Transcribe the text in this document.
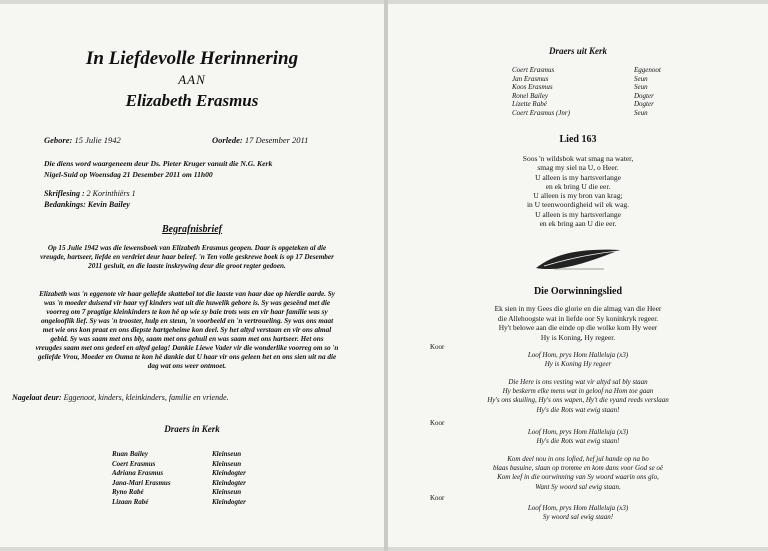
In Liefdevolle Herinnering
AAN
Elizabeth Erasmus
Gebore: 15 Julie 1942	Oorlede: 17 Desember 2011
Die diens word waargeneem deur Ds. Pieter Kruger vanuit die N.G. Kerk
Nigel-Suid op Woensdag 21 Desember 2011 om 11h00
Skriflesing : 2 Korinthiërs 1
Bedankings: Kevin Bailey
Begrafnisbrief
Op 15 Julie 1942 was die lewensboek van Elizabeth Erasmus geopen. Daar is opgeteken al die
vreugde, hartseer, liefde en verdriet deur haar beleef. 'n Ten volle geskrewe boek is op 17 Desember
2011 gesluit, en die laaste inskrywing deur die groot regter gedoen.
Elizabeth was 'n eggenote vir haar geliefde skattebol tot die laaste van haar dae op hierdie aarde. Sy
was 'n moeder duisend vir haar vyf kinders wat uit die huwelik gebore is. Sy was geseënd met die
voorreg om 7 pragtige kleinkinders te kon hê op wie sy baie trots was en vir haar familie was sy
ongelooflik lief. Sy was 'n trooster, hulp en steun, 'n voorbeeld en 'n vertroueling. Sy was ons maat
met wie ons kon praat en ons diepste hartgeheime kon deel. Sy het altyd verstaan en vir ons almal
gebid. Sy was saam met ons bly, saam met ons gehuil en was saam met ons hartseer. Het ons
vreugdes saam met ons gedeel en altyd gelag! Dankie Liewe Vader vir die wonderlike voorreg om so 'n
geliefde Vrou, Moeder en Ouma te kon hê dankie dat U haar vir ons geleen het en ons sien uit na die
dag wat ons weer ontmoet.
Nagelaat deur: Eggenoot, kinders, kleinkinders, familie en vriende.
Draers in Kerk
Ruan Bailey	Kleinseun
Coert Erasmus	Kleinseun
Adriana Erasmus	Kleindogter
Jana-Mari Erasmus	Kleindogter
Ryno Rabé	Kleinseun
Lizaan Rabé	Kleindogter
Draers uit Kerk
Coert Erasmus	Eggenoot
Jan Erasmus	Seun
Koos Erasmus	Seun
Ronel Bailey	Dogter
Lizette Rabé	Dogter
Coert Erasmus (Jnr)	Seun
Lied 163
Soos 'n wildsbok wat smag na water,
smag my siel na U, o Heer.
U alleen is my hartsverlange
en ek bring U die eer.
U alleen is my bron van krag;
in U teenwoordigheid wil ek wag.
U alleen is my hartsverlange
en ek bring aan U die eer.
Die Oorwinningslied
Ek sien in my Gees die glorie en die almag van die Heer
die Allehoogste wat in liefde oor Sy koninkryk regeer.
Hy't belowe aan die einde op die wolke kom Hy weer
Hy is Koning, Hy regeer.
Koor
Loof Hom, prys Hom Halleluja (x3)
Hy is Koning Hy regeer
Die Here is ons vesting wat vir altyd sal bly staan
Hy beskerm elke mens wat in geloof na Hom toe gaan
Hy's ons skuiling, Hy's ons wapen, Hy't die vyand reeds verslaan
Hy's die Rots wat ewig staan!
Koor
Loof Hom, prys Hom Halleluja (x3)
Hy's die Rots wat ewig staan!
Kom deel nou in ons lofied, hef jul hande op na bo
blaas basuine, slaan op tromme en kom dans voor God se oë
Kom leef in die oorwinning van Sy woord waarin ons glo,
Want Sy woord sal ewig staan.
Koor
Loof Hom, prys Hom Halleluja (x3)
Sy woord sal ewig staan!
